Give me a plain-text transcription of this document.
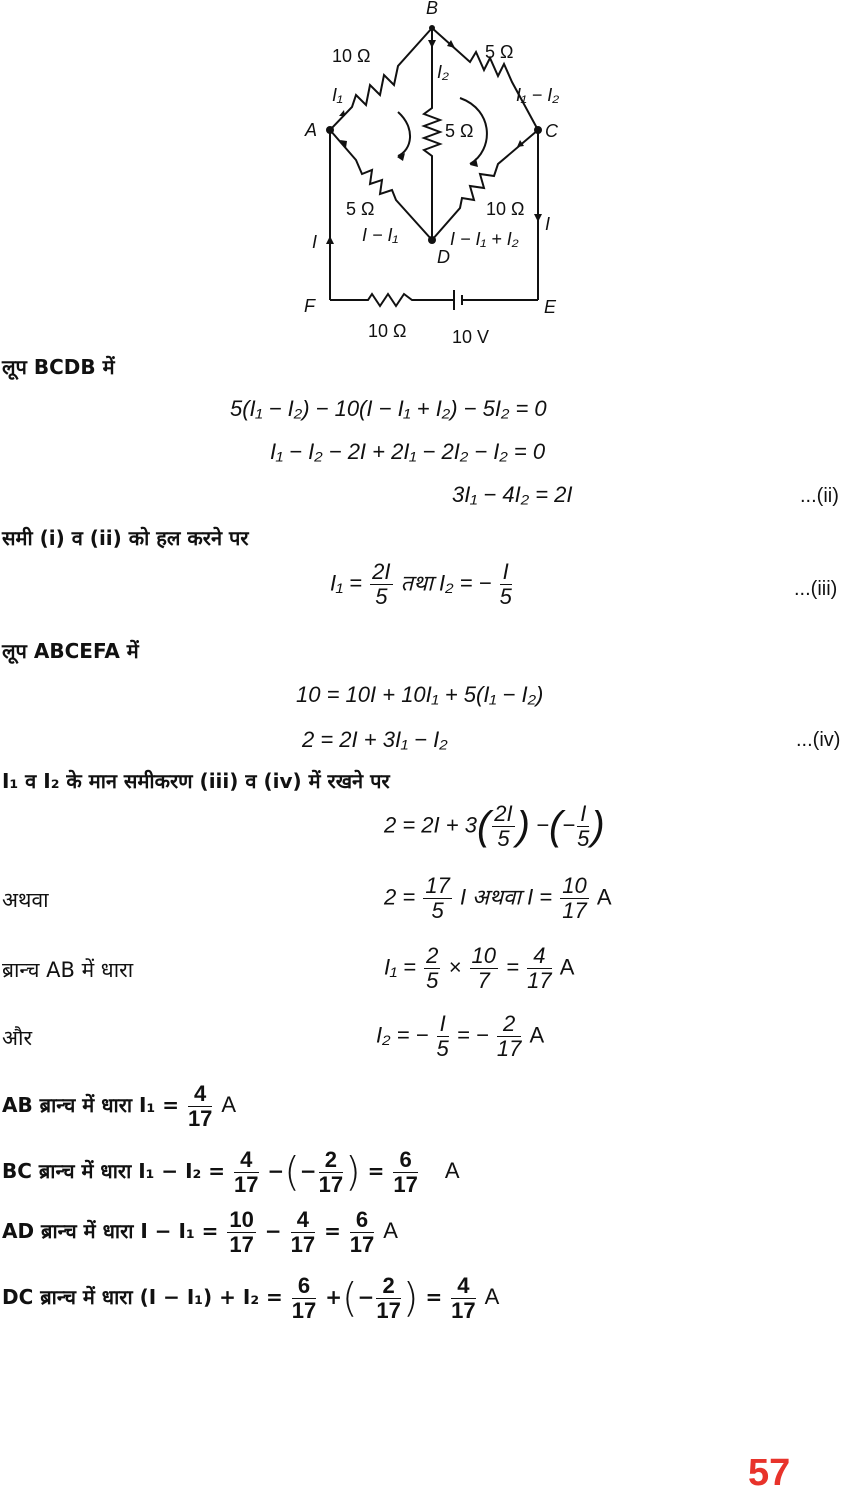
B
A	C
D
F	E
10 Ω	5 Ω
5 Ω
5 Ω	10 Ω
10 Ω	10 V
I₁
I₂
I₁ − I₂
I − I₁	I − I₁ + I₂
I
I
लूप BCDB में
5(I₁ − I₂) − 10(I − I₁ + I₂) − 5I₂ = 0
I₁ − I₂ − 2I + 2I₁ − 2I₂ − I₂ = 0
3I₁ − 4I₂ = 2I	...(ii)
समी (i) व (ii) को हल करने पर
$I_1 = \frac{2I}{5}$ तथा I₂ = − $\frac{I}{5}$	...(iii)
लूप ABCEFA में
10 = 10I + 10I₁ + 5(I₁ − I₂)
2 = 2I + 3I₁ − I₂	...(iv)
I₁ व I₂ के मान समीकरण (iii) व (iv) में रखने पर
$2 = 2I + 3( \frac{2I}{5}$ ) −(− $\frac{I}{5}$ )
अथवा	$2 = \frac{17}{5}$ I अथवा $I = \frac{10}{17}$ A
ब्रान्च AB में धारा	$I_1 = \frac{2}{5} \times \frac{10}{7} = \frac{4}{17}$ A
और	I₂ = − $\frac{I}{5}$ = − $\frac{2}{17}$ A
AB ब्रान्च में धारा $I_1 = \frac{4}{17}$ A
BC ब्रान्च में धारा $I_1 - I_2 = \frac{4}{17}$ −(− $\frac{2}{17}$ ) = $\frac{6}{17}$ A
AD ब्रान्च में धारा $I - I_1 = \frac{10}{17} - \frac{4}{17} = \frac{6}{17}$ A
DC ब्रान्च में धारा $(I - I_1) + I_2 = \frac{6}{17}$ +(− $\frac{2}{17}$ ) = $\frac{4}{17}$ A
57
